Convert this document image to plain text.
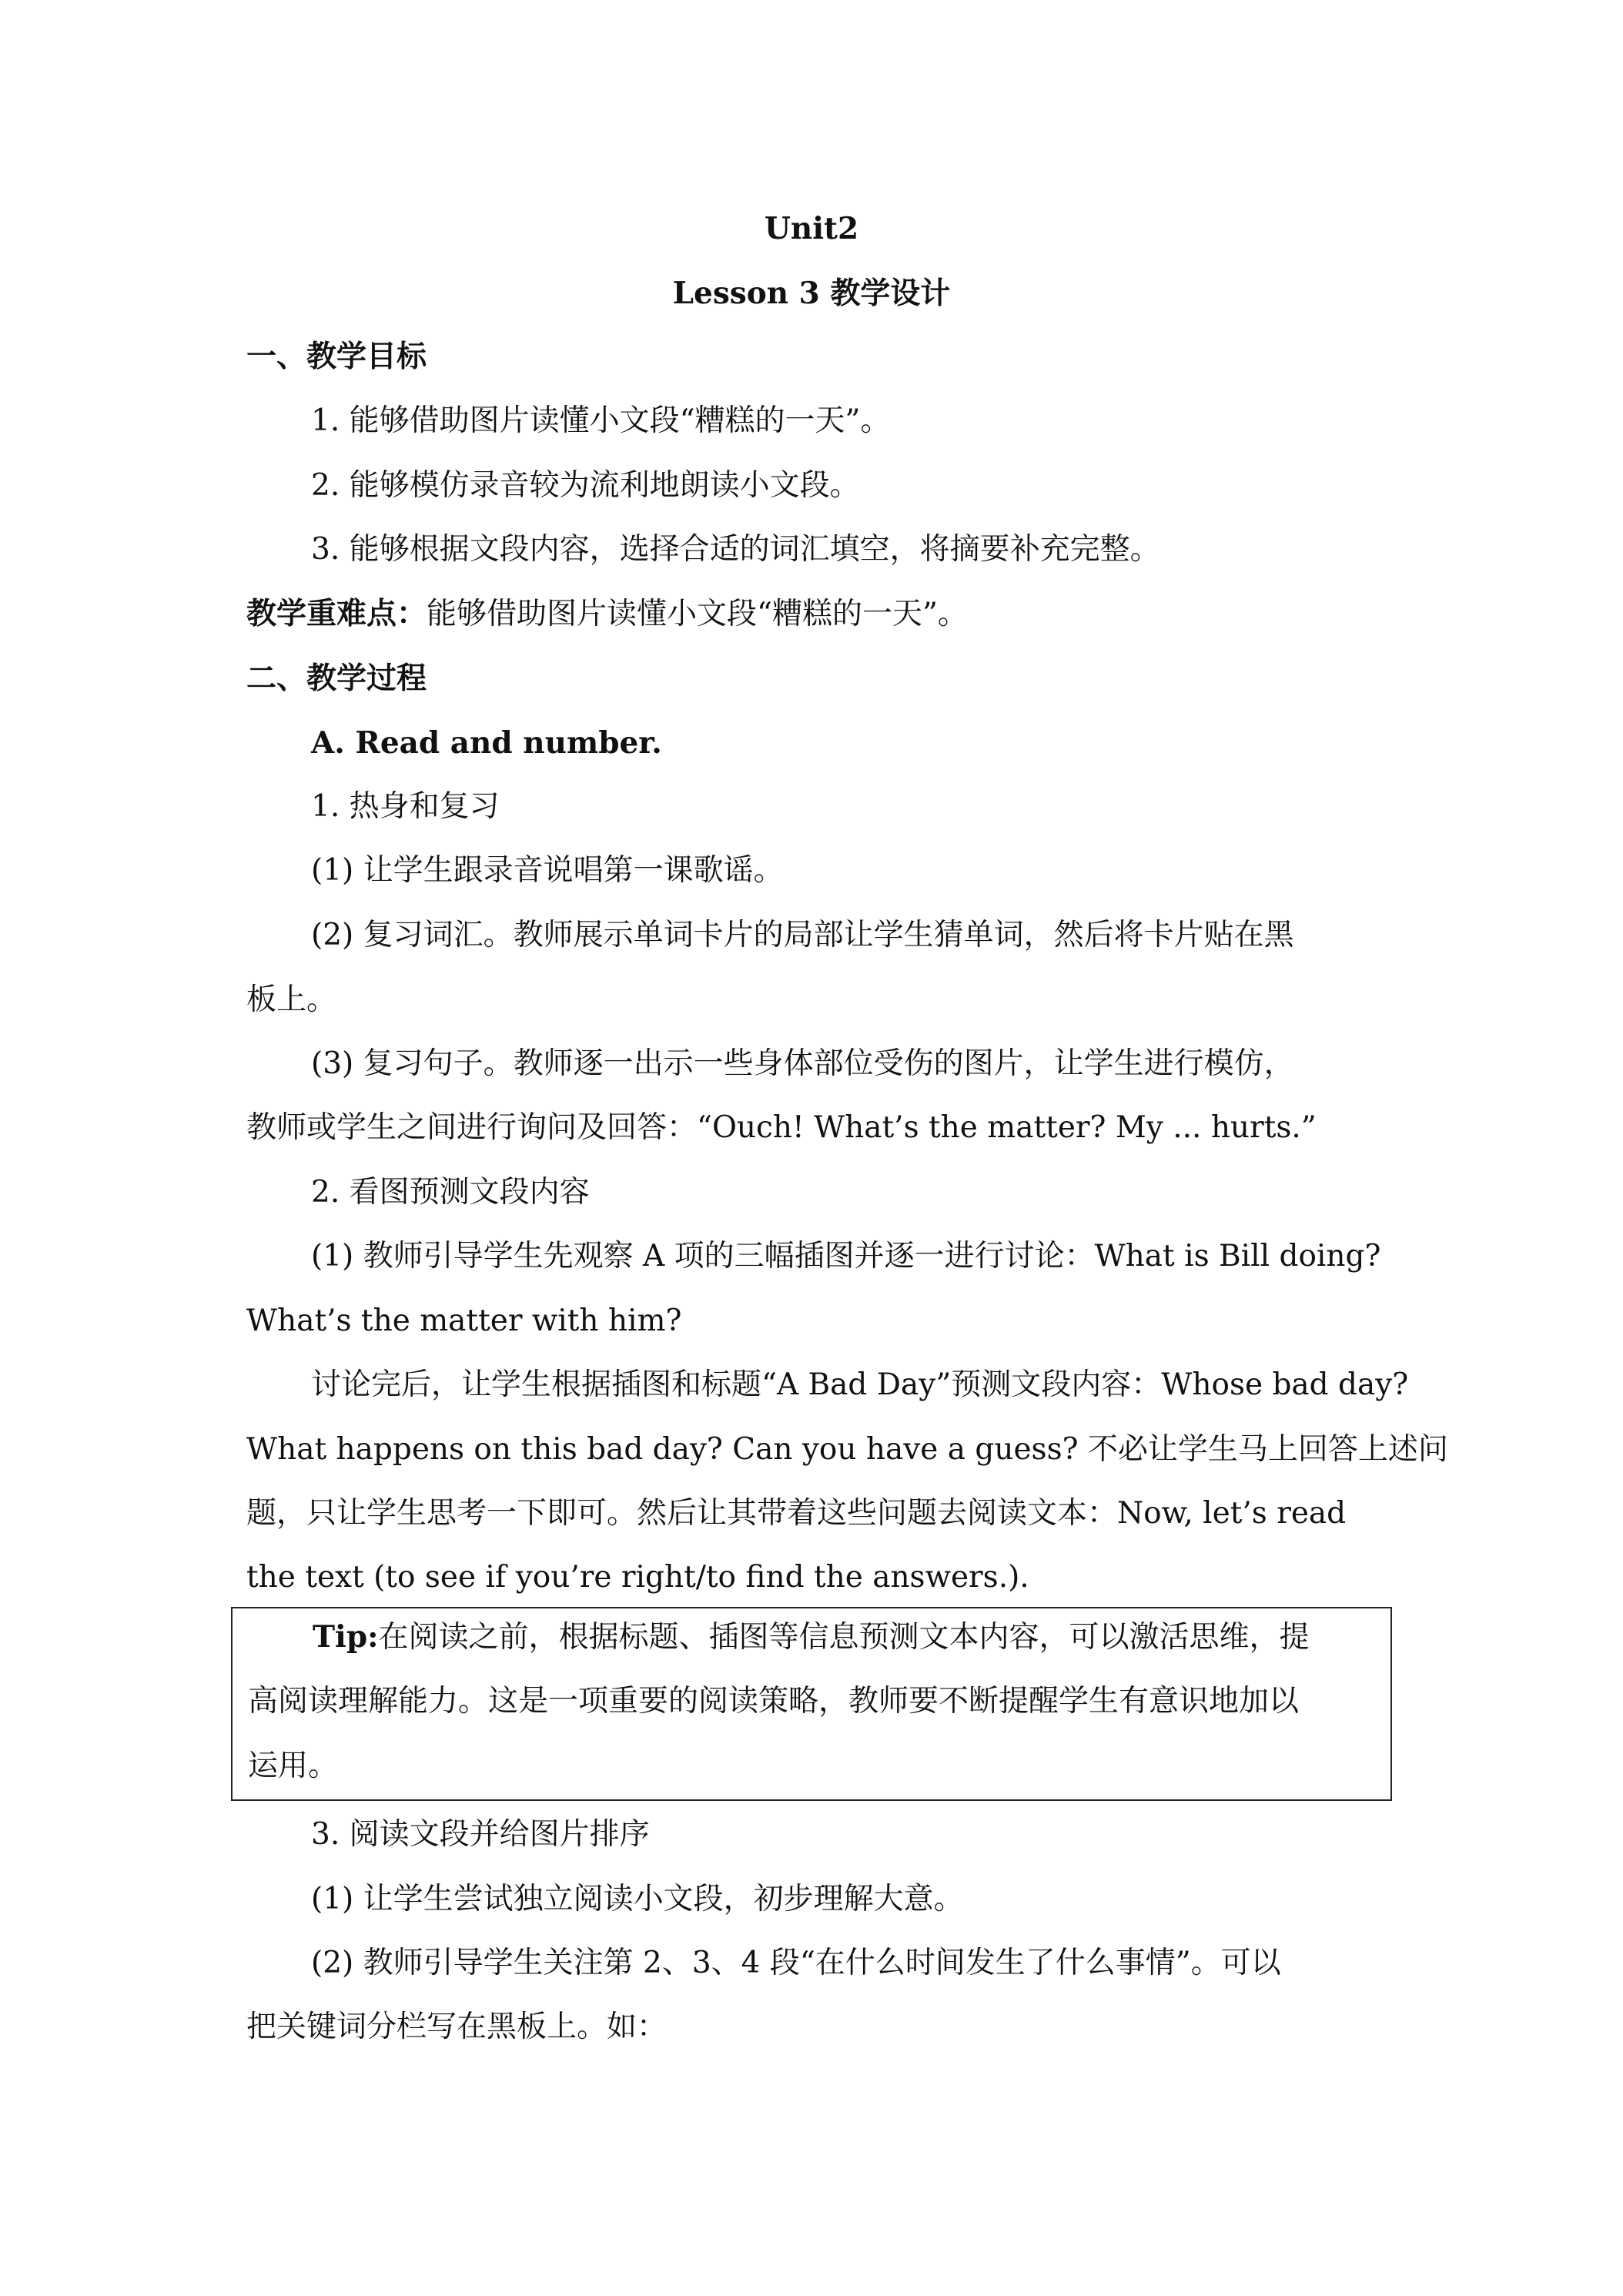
Unit2
Lesson 3 教学设计
一、教学目标
1. 能够借助图片读懂小文段“糟糕的一天”。
2. 能够模仿录音较为流利地朗读小文段。
3. 能够根据文段内容，选择合适的词汇填空，将摘要补充完整。
教学重难点：能够借助图片读懂小文段“糟糕的一天”。
二、教学过程
A. Read and number.
1. 热身和复习
(1) 让学生跟录音说唱第一课歌谣。
(2) 复习词汇。教师展示单词卡片的局部让学生猜单词，然后将卡片贴在黑
板上。
(3) 复习句子。教师逐一出示一些身体部位受伤的图片，让学生进行模仿，
教师或学生之间进行询问及回答：“Ouch! What’s the matter? My ... hurts.”
2. 看图预测文段内容
(1) 教师引导学生先观察 A 项的三幅插图并逐一进行讨论：What is Bill doing?
What’s the matter with him?
讨论完后，让学生根据插图和标题“A Bad Day”预测文段内容：Whose bad day?
What happens on this bad day? Can you have a guess? 不必让学生马上回答上述问
题，只让学生思考一下即可。然后让其带着这些问题去阅读文本：Now, let’s read
the text (to see if you’re right/to find the answers.).
Tip:在阅读之前，根据标题、插图等信息预测文本内容，可以激活思维，提
高阅读理解能力。这是一项重要的阅读策略，教师要不断提醒学生有意识地加以
运用。
3. 阅读文段并给图片排序
(1) 让学生尝试独立阅读小文段，初步理解大意。
(2) 教师引导学生关注第 2、3、4 段“在什么时间发生了什么事情”。可以
把关键词分栏写在黑板上。如：
